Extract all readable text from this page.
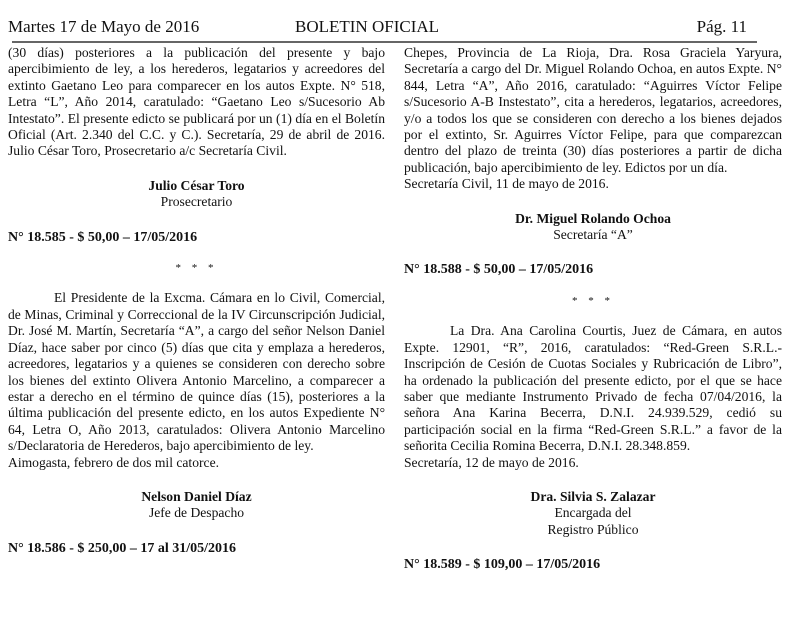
Martes 17 de Mayo de 2016	BOLETIN OFICIAL	Pág. 11

(30 días) posteriores a la publicación del presente y bajo apercibimiento de ley, a los herederos, legatarios y acreedores del extinto Gaetano Leo para comparecer en los autos Expte. N° 518, Letra “L”, Año 2014, caratulado: “Gaetano Leo s/Sucesorio Ab Intestato”. El presente edicto se publicará por un (1) día en el Boletín Oficial (Art. 2.340 del C.C. y C.). Secretaría, 29 de abril de 2016. Julio César Toro, Prosecretario a/c Secretaría Civil.

Julio César Toro
Prosecretario
N° 18.585 - $ 50,00 – 17/05/2016
* * *

El Presidente de la Excma. Cámara en lo Civil, Comercial, de Minas, Criminal y Correccional de la IV Circunscripción Judicial, Dr. José M. Martín, Secretaría “A”, a cargo del señor Nelson Daniel Díaz, hace saber por cinco (5) días que cita y emplaza a herederos, acreedores, legatarios y a quienes se consideren con derecho sobre los bienes del extinto Olivera Antonio Marcelino, a comparecer a estar a derecho en el término de quince días (15), posteriores a la última publicación del presente edicto, en los autos Expediente N° 64, Letra O, Año 2013, caratulados: Olivera Antonio Marcelino s/Declaratoria de Herederos, bajo apercibimiento de ley.

Aimogasta, febrero de dos mil catorce.

Nelson Daniel Díaz
Jefe de Despacho
N° 18.586 - $ 250,00 – 17 al 31/05/2016

Chepes, Provincia de La Rioja, Dra. Rosa Graciela Yaryura, Secretaría a cargo del Dr. Miguel Rolando Ochoa, en autos Expte. N° 844, Letra “A”, Año 2016, caratulado: “Aguirres Víctor Felipe s/Sucesorio A-B Instestato”, cita a herederos, legatarios, acreedores, y/o a todos los que se consideren con derecho a los bienes dejados por el extinto, Sr. Aguirres Víctor Felipe, para que comparezcan dentro del plazo de treinta (30) días posteriores a partir de dicha publicación, bajo apercibimiento de ley. Edictos por un día.

Secretaría Civil, 11 de mayo de 2016.

Dr. Miguel Rolando Ochoa
Secretaría “A”
N° 18.588 - $ 50,00 – 17/05/2016
* * *

La Dra. Ana Carolina Courtis, Juez de Cámara, en autos Expte. 12901, “R”, 2016, caratulados: “Red-Green S.R.L.- Inscripción de Cesión de Cuotas Sociales y Rubricación de Libro”, ha ordenado la publicación del presente edicto, por el que se hace saber que mediante Instrumento Privado de fecha 07/04/2016, la señora Ana Karina Becerra, D.N.I. 24.939.529, cedió su participación social en la firma “Red-Green S.R.L.” a favor de la señorita Cecilia Romina Becerra, D.N.I. 28.348.859.

Secretaría, 12 de mayo de 2016.

Dra. Silvia S. Zalazar
Encargada del
Registro Público
N° 18.589 - $ 109,00 – 17/05/2016
